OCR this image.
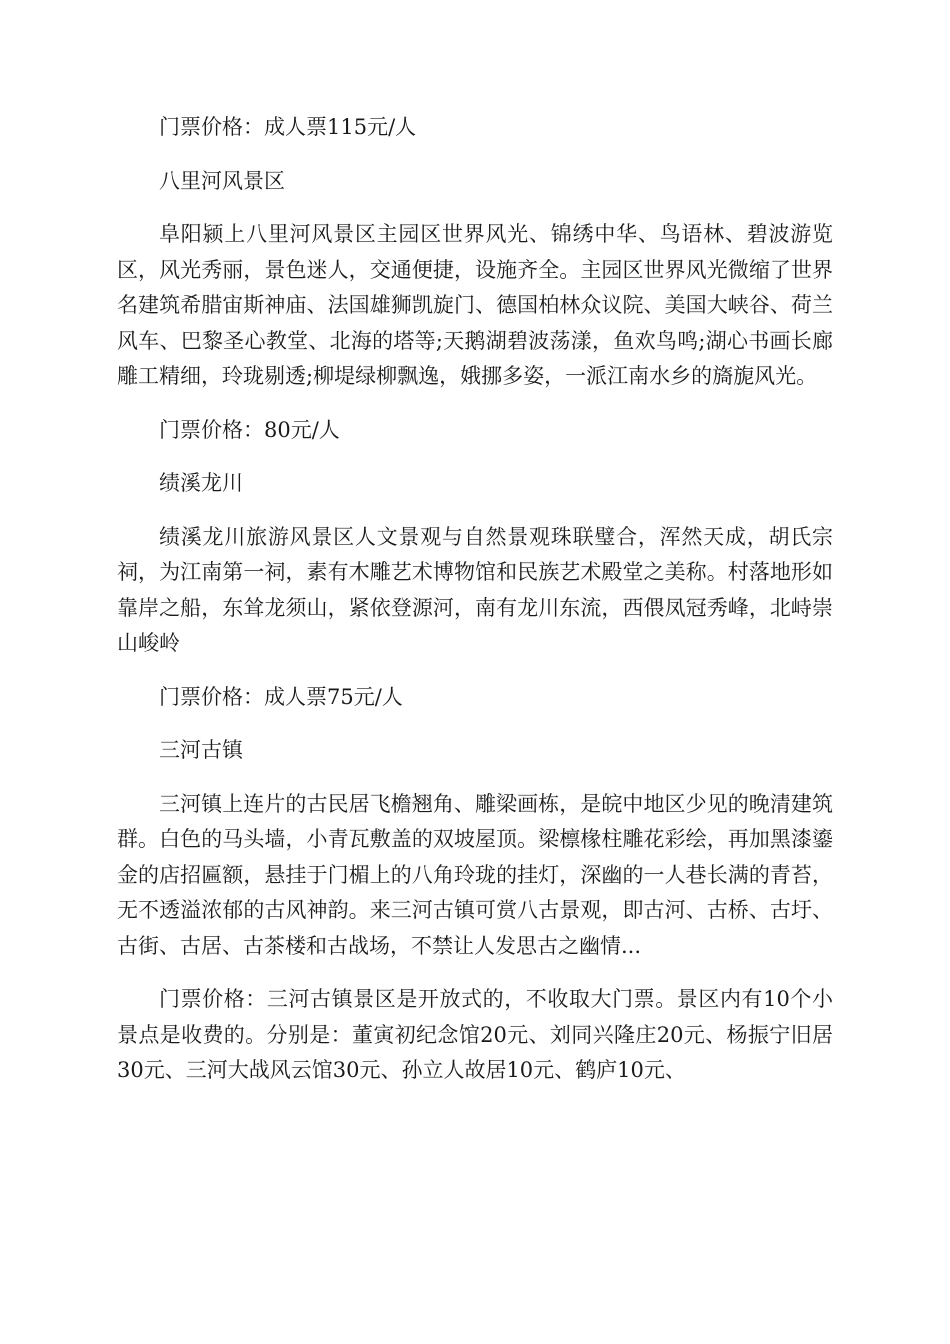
门票价格：成人票115元/人

八里河风景区

阜阳颍上八里河风景区主园区世界风光、锦绣中华、鸟语林、碧波游览区，风光秀丽，景色迷人，交通便捷，设施齐全。主园区世界风光微缩了世界名建筑希腊宙斯神庙、法国雄狮凯旋门、德国柏林众议院、美国大峡谷、荷兰风车、巴黎圣心教堂、北海的塔等;天鹅湖碧波荡漾，鱼欢鸟鸣;湖心书画长廊雕工精细，玲珑剔透;柳堤绿柳飘逸，娥挪多姿，一派江南水乡的旖旎风光。

门票价格：80元/人

绩溪龙川

绩溪龙川旅游风景区人文景观与自然景观珠联璧合，浑然天成，胡氏宗祠，为江南第一祠，素有木雕艺术博物馆和民族艺术殿堂之美称。村落地形如靠岸之船，东耸龙须山，紧依登源河，南有龙川东流，西偎凤冠秀峰，北峙崇山峻岭

门票价格：成人票75元/人

三河古镇

三河镇上连片的古民居飞檐翘角、雕梁画栋，是皖中地区少见的晚清建筑群。白色的马头墙，小青瓦敷盖的双坡屋顶。梁檩椽柱雕花彩绘，再加黑漆鎏金的店招匾额，悬挂于门楣上的八角玲珑的挂灯，深幽的一人巷长满的青苔，无不透溢浓郁的古风神韵。来三河古镇可赏八古景观，即古河、古桥、古圩、古街、古居、古茶楼和古战场，不禁让人发思古之幽情...

门票价格：三河古镇景区是开放式的，不收取大门票。景区内有10个小景点是收费的。分别是：董寅初纪念馆20元、刘同兴隆庄20元、杨振宁旧居30元、三河大战风云馆30元、孙立人故居10元、鹤庐10元、
